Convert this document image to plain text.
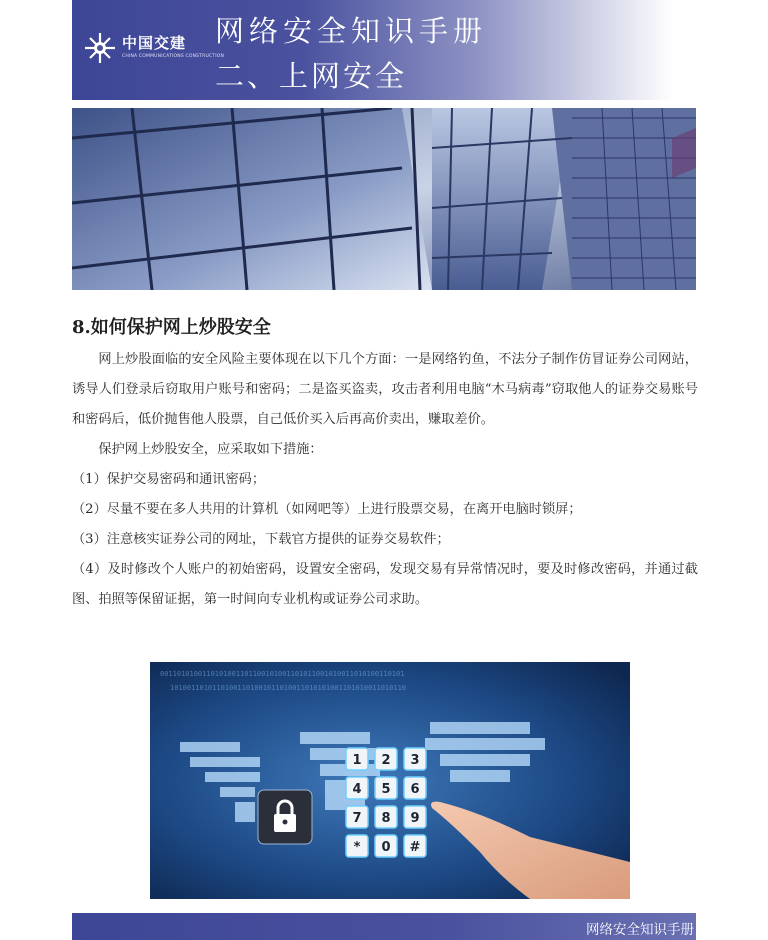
中国交建
CHINA COMMUNICATIONS CONSTRUCTION
网络安全知识手册
二、上网安全
8.如何保护网上炒股安全

网上炒股面临的安全风险主要体现在以下几个方面：一是网络钓鱼，不法分子制作仿冒证券公司网站，诱导人们登录后窃取用户账号和密码；二是盗买盗卖，攻击者利用电脑“木马病毒”窃取他人的证券交易账号和密码后，低价抛售他人股票，自己低价买入后再高价卖出，赚取差价。

保护网上炒股安全，应采取如下措施：

（1）保护交易密码和通讯密码；

（2）尽量不要在多人共用的计算机（如网吧等）上进行股票交易，在离开电脑时锁屏；

（3）注意核实证券公司的网址，下载官方提供的证券交易软件；

（4）及时修改个人账户的初始密码，设置安全密码，发现交易有异常情况时，要及时修改密码，并通过截图、拍照等保留证据，第一时间向专业机构或证券公司求助。

0011010100110101001101100101001101011001010011010100110101
10100110101101001101001011010011010101001101010011010110
1 2 3
4 5 6
7 8 9
* 0 #
网络安全知识手册
